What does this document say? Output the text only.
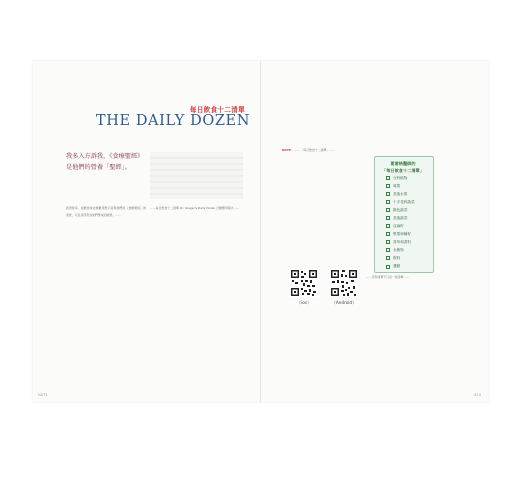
每日飲食十二清單
THE DAILY DOZEN
我多入方訴我，《食療聖經》是他們的營養「聖經」。
我很榮幸，能聽到來自無數用實示者與我們的《食療聖經》的喜愛，以及這部書為他們帶來的啟發。……
……每日飲食十二清單 Dr. Greger's Daily Dozen 行動應用程式……
NOTE： ……「每日飲食十二清單」……
（ios）	（Android）
葛雷格醫師的
「每日飲食十二清單」
豆科植物
莓果
其他水果
十字花科蔬菜
綠色蔬菜
其他蔬菜
亞麻籽
堅果和種籽
香草和香料
全穀物
飲料
運動
……這份清單不只是一張清單……
NUT1	424
